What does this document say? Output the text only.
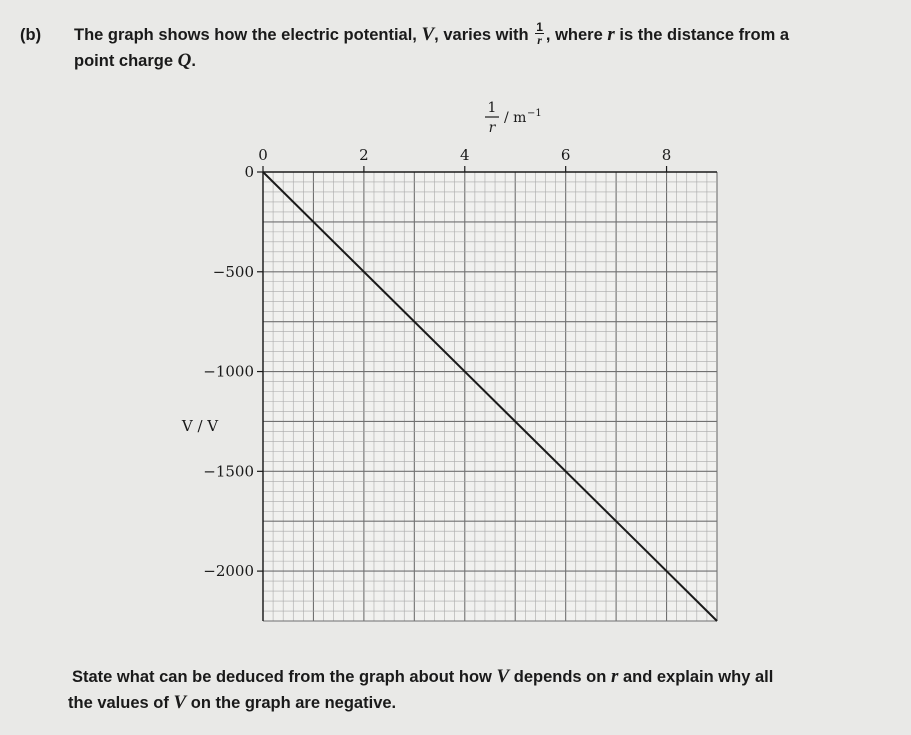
(b) The graph shows how the electric potential, V, varies with $\frac{1}{r}$ , where r is the distance from a
point charge Q.
0	2	4	6	8
0
−500
−1000
−1500
−2000
1
r
/ m −1
V / V
State what can be deduced from the graph about how V depends on r and explain why all
the values of V on the graph are negative.
